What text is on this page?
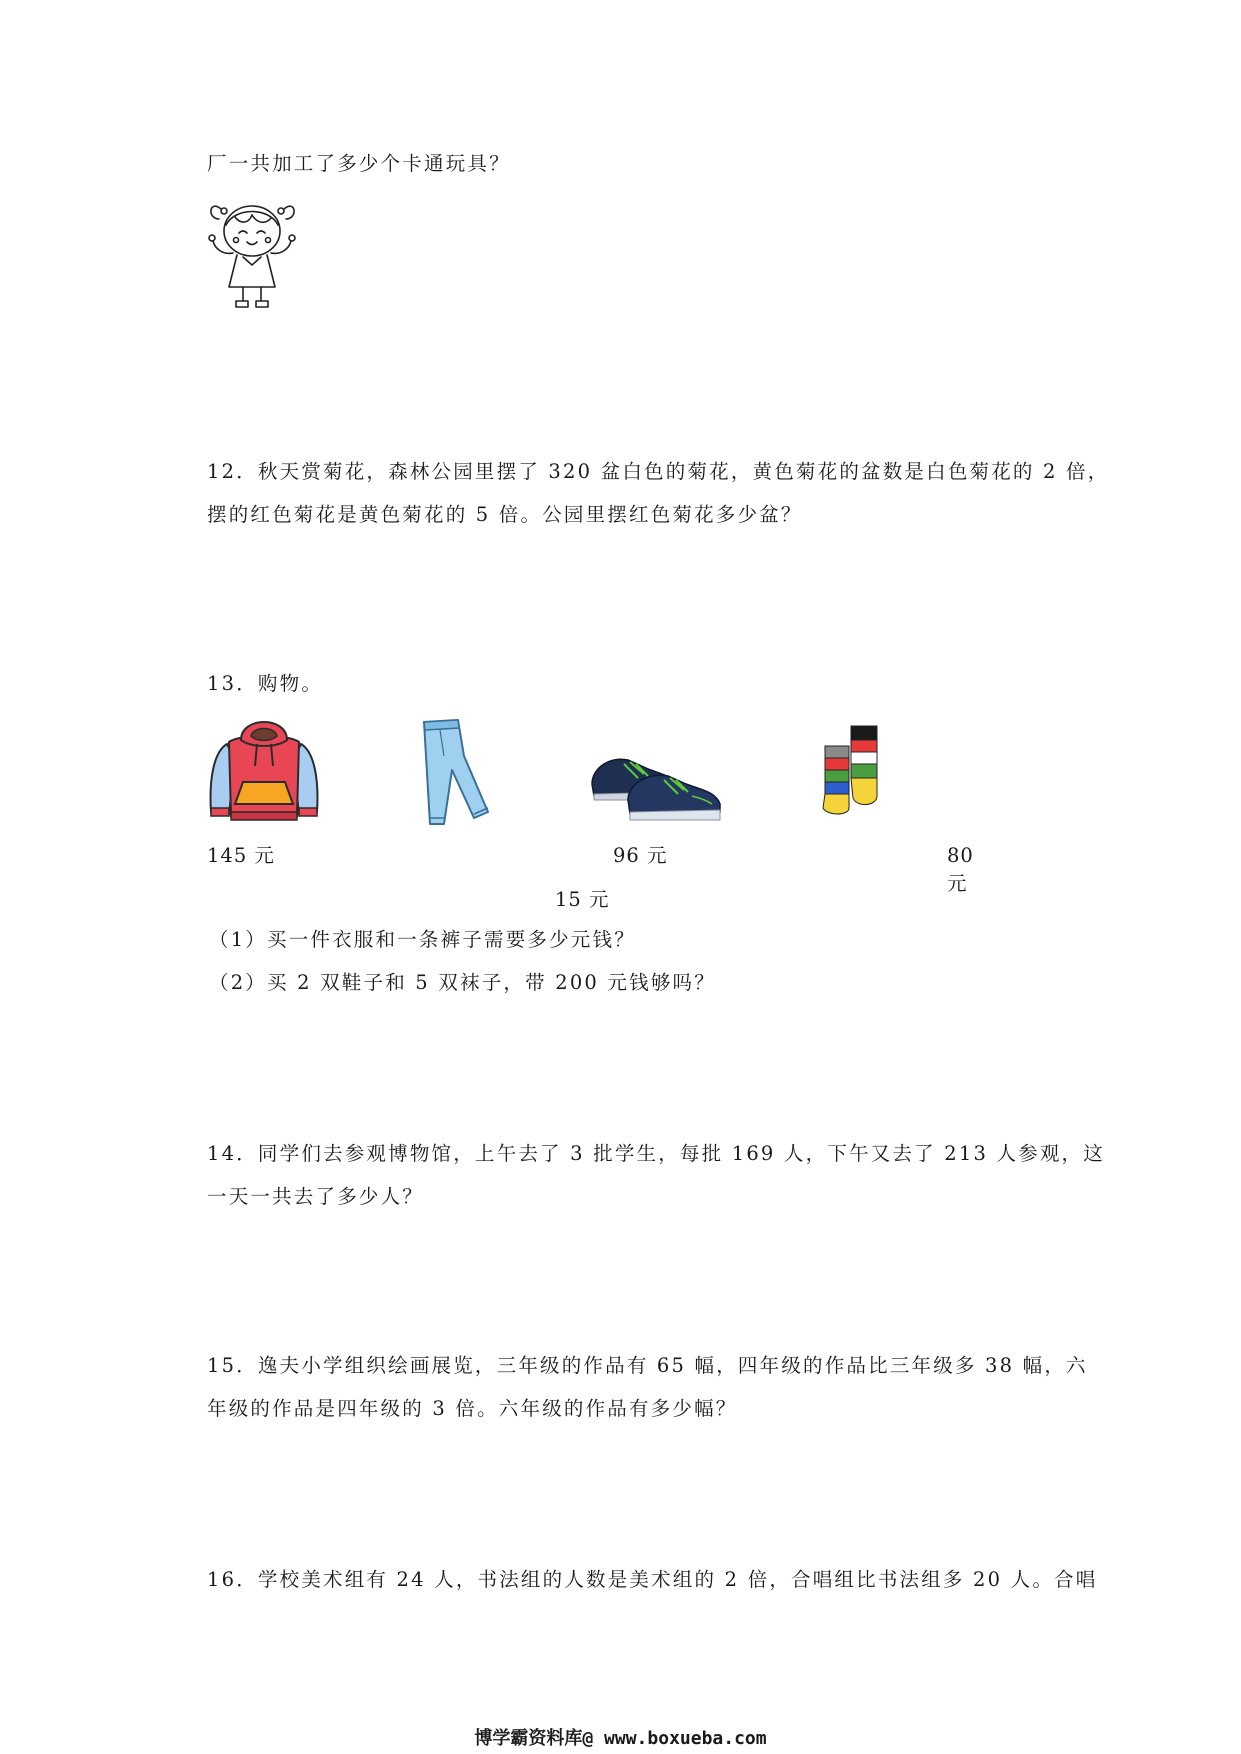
厂一共加工了多少个卡通玩具？
12．秋天赏菊花，森林公园里摆了 320 盆白色的菊花，黄色菊花的盆数是白色菊花的 2 倍，
摆的红色菊花是黄色菊花的 5 倍。公园里摆红色菊花多少盆？
13．购物。
145 元	96 元	80 元
15 元
（1）买一件衣服和一条裤子需要多少元钱？
（2）买 2 双鞋子和 5 双袜子，带 200 元钱够吗？
14．同学们去参观博物馆，上午去了 3 批学生，每批 169 人，下午又去了 213 人参观，这
一天一共去了多少人？
15．逸夫小学组织绘画展览，三年级的作品有 65 幅，四年级的作品比三年级多 38 幅，六
年级的作品是四年级的 3 倍。六年级的作品有多少幅？
16．学校美术组有 24 人，书法组的人数是美术组的 2 倍，合唱组比书法组多 20 人。合唱
博学霸资料库@ www.boxueba.com
